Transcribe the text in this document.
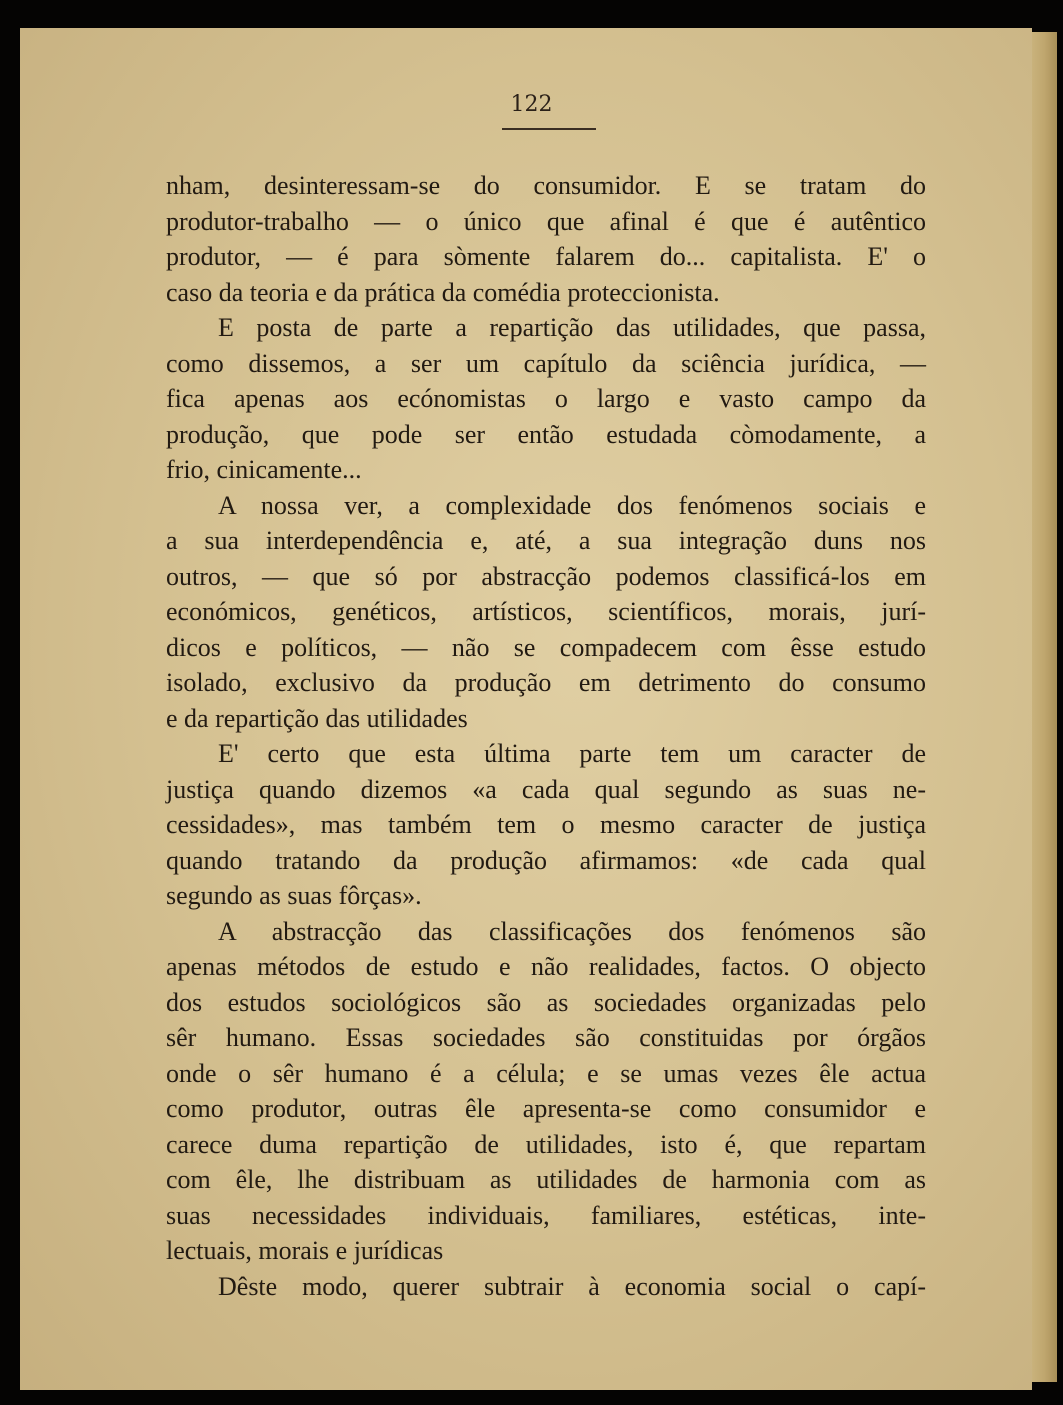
122
nham, desinteressam-se do consumidor. E se tratam do
produtor-trabalho — o único que afinal é que é autêntico
produtor, — é para sòmente falarem do... capitalista. E' o
caso da teoria e da prática da comédia proteccionista.
E posta de parte a repartição das utilidades, que passa,
como dissemos, a ser um capítulo da sciência jurídica, —
fica apenas aos ecónomistas o largo e vasto campo da
produção, que pode ser então estudada còmodamente, a
frio, cinicamente...
A nossa ver, a complexidade dos fenómenos sociais e
a sua interdependência e, até, a sua integração duns nos
outros, — que só por abstracção podemos classificá-los em
económicos, genéticos, artísticos, scientíficos, morais, jurí-
dicos e políticos, — não se compadecem com êsse estudo
isolado, exclusivo da produção em detrimento do consumo
e da repartição das utilidades
E' certo que esta última parte tem um caracter de
justiça quando dizemos «a cada qual segundo as suas ne-
cessidades», mas também tem o mesmo caracter de justiça
quando tratando da produção afirmamos: «de cada qual
segundo as suas fôrças».
A abstracção das classificações dos fenómenos são
apenas métodos de estudo e não realidades, factos. O objecto
dos estudos sociológicos são as sociedades organizadas pelo
sêr humano. Essas sociedades são constituidas por órgãos
onde o sêr humano é a célula; e se umas vezes êle actua
como produtor, outras êle apresenta-se como consumidor e
carece duma repartição de utilidades, isto é, que repartam
com êle, lhe distribuam as utilidades de harmonia com as
suas necessidades individuais, familiares, estéticas, inte-
lectuais, morais e jurídicas
Dêste modo, querer subtrair à economia social o capí-
